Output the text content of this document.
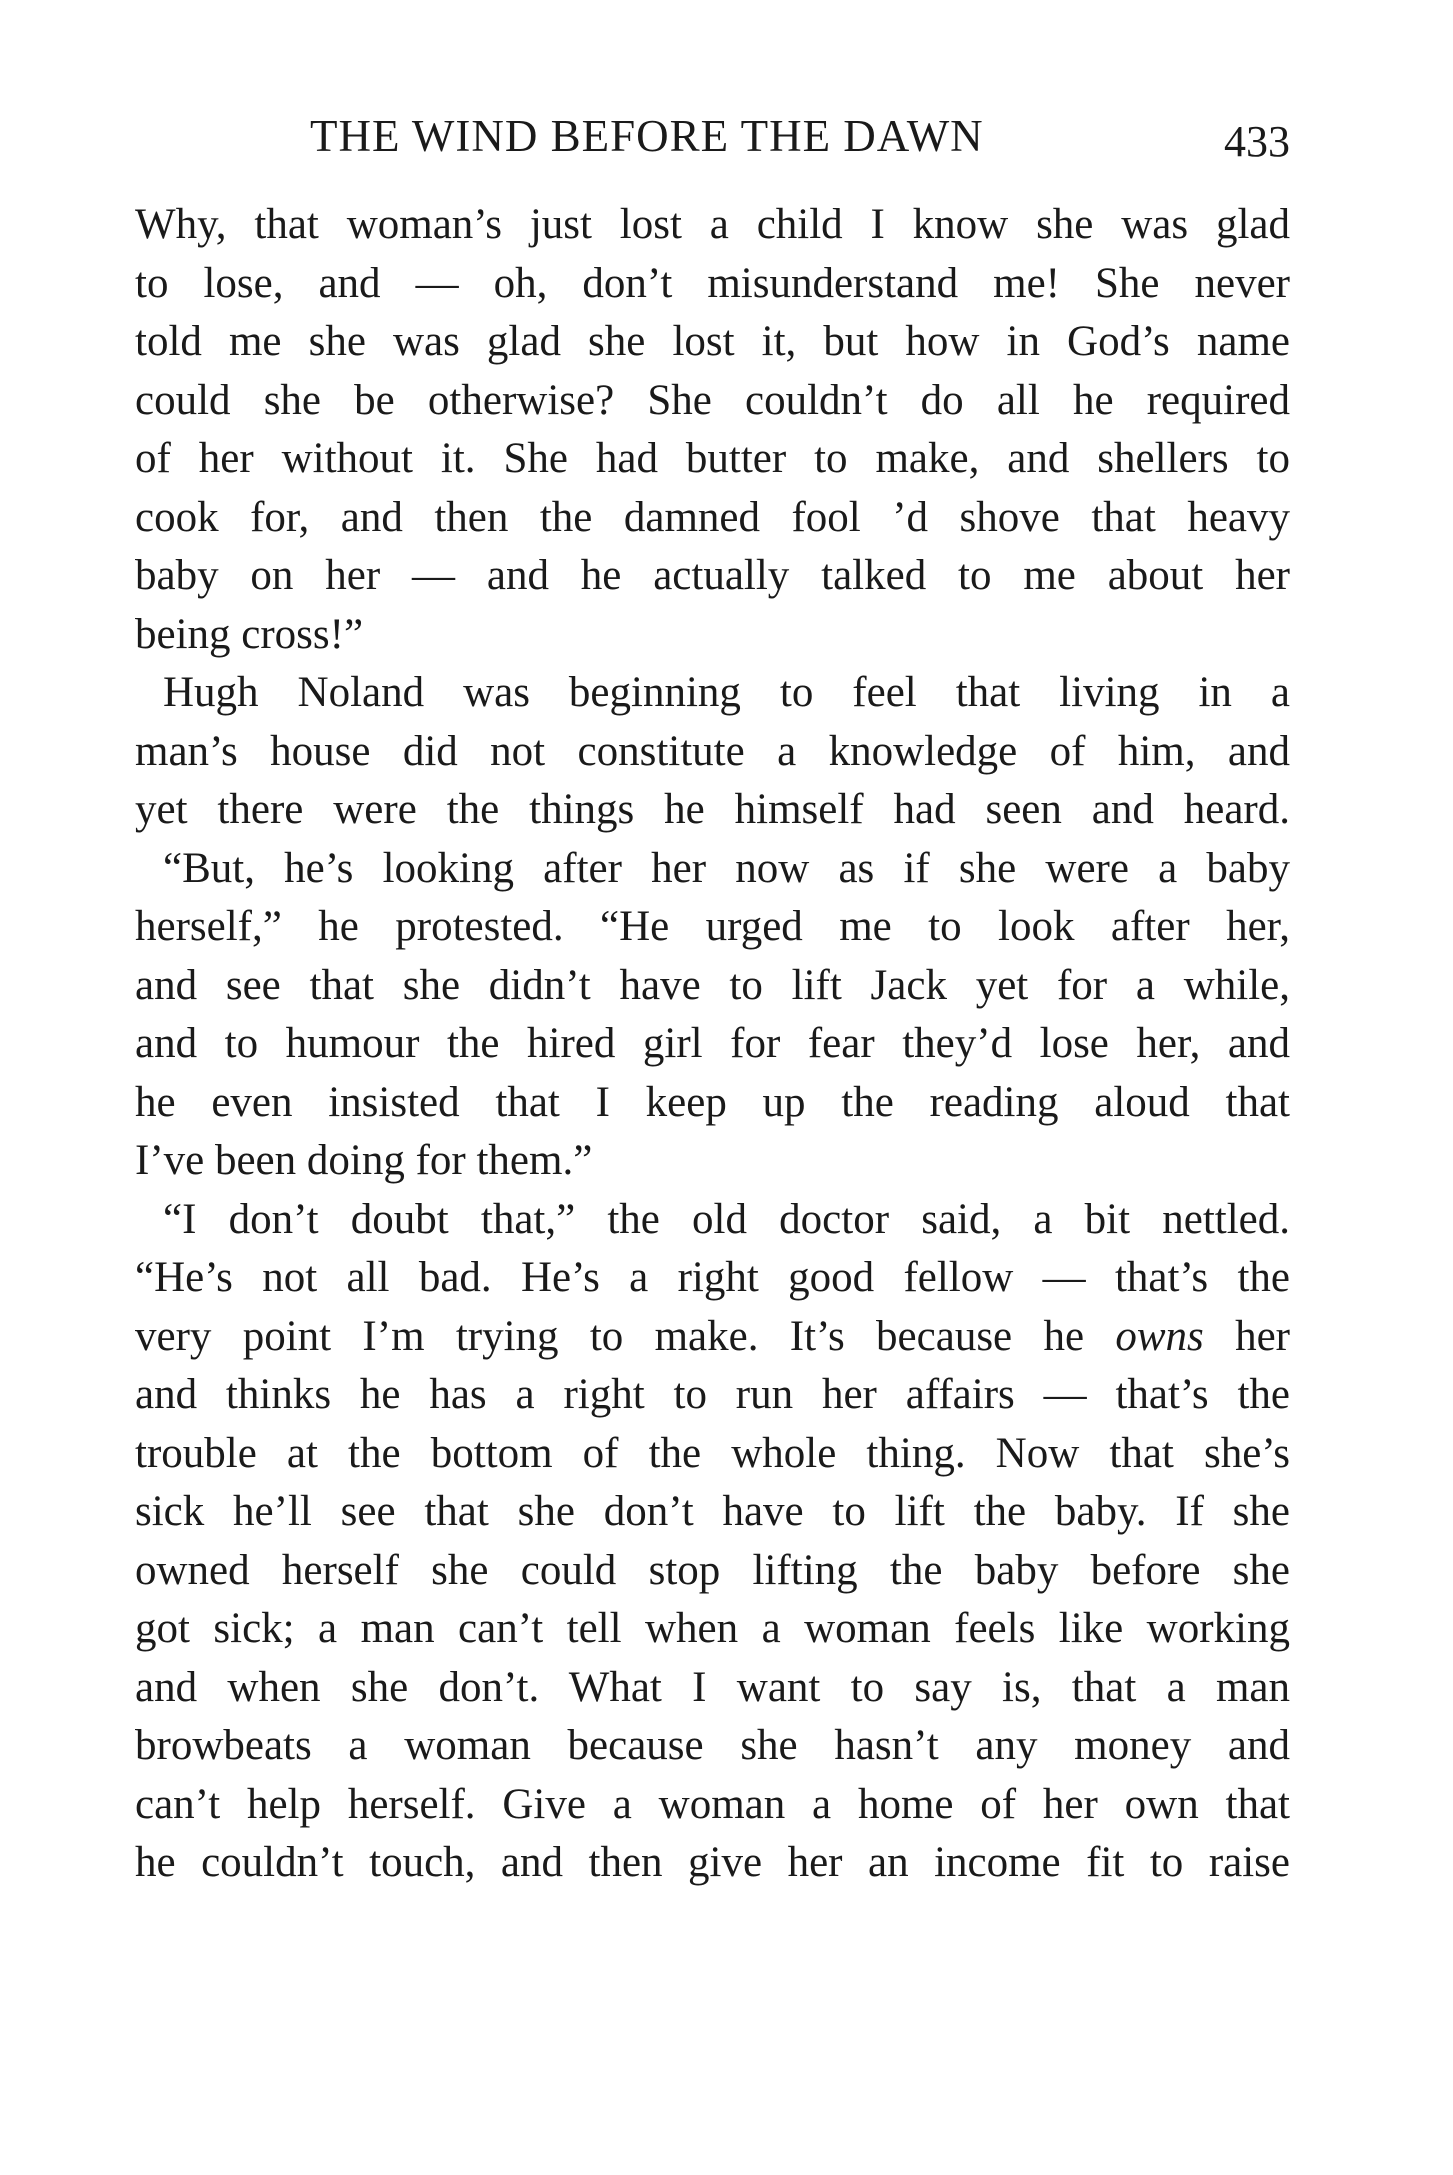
THE WIND BEFORE THE DAWN	433
Why, that woman’s just lost a child I know she was glad
to lose, and — oh, don’t misunderstand me! She never
told me she was glad she lost it, but how in God’s name
could she be otherwise? She couldn’t do all he required
of her without it. She had butter to make, and shellers to
cook for, and then the damned fool ’d shove that heavy
baby on her — and he actually talked to me about her
being cross!”
Hugh Noland was beginning to feel that living in a
man’s house did not constitute a knowledge of him, and
yet there were the things he himself had seen and heard.
“But, he’s looking after her now as if she were a baby
herself,” he protested. “He urged me to look after her,
and see that she didn’t have to lift Jack yet for a while,
and to humour the hired girl for fear they’d lose her, and
he even insisted that I keep up the reading aloud that
I’ve been doing for them.”
“I don’t doubt that,” the old doctor said, a bit nettled.
“He’s not all bad. He’s a right good fellow — that’s the
very point I’m trying to make. It’s because he owns her
and thinks he has a right to run her affairs — that’s the
trouble at the bottom of the whole thing. Now that she’s
sick he’ll see that she don’t have to lift the baby. If she
owned herself she could stop lifting the baby before she
got sick; a man can’t tell when a woman feels like working
and when she don’t. What I want to say is, that a man
browbeats a woman because she hasn’t any money and
can’t help herself. Give a woman a home of her own that
he couldn’t touch, and then give her an income fit to raise
